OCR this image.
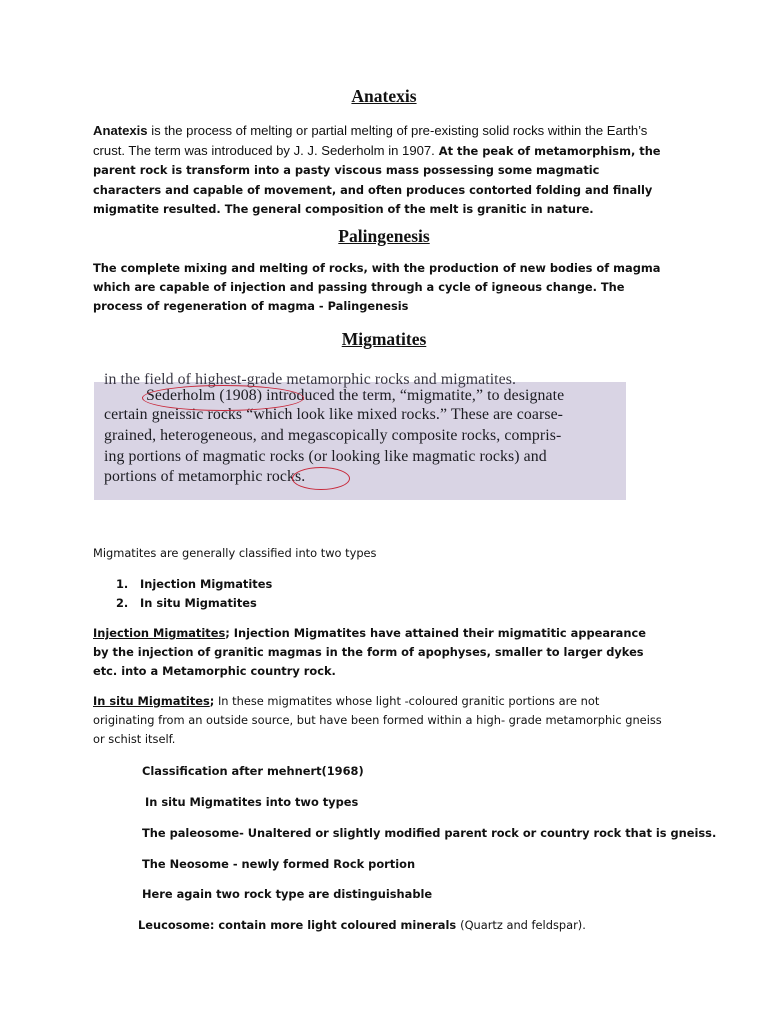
Anatexis

Anatexis is the process of melting or partial melting of pre-existing solid rocks within the Earth’s crust. The term was introduced by J. J. Sederholm in 1907. At the peak of metamorphism, the parent rock is transform into a pasty viscous mass possessing some magmatic characters and capable of movement, and often produces contorted folding and finally migmatite resulted. The general composition of the melt is granitic in nature.

Palingenesis

The complete mixing and melting of rocks, with the production of new bodies of magma which are capable of injection and passing through a cycle of igneous change. The process of regeneration of magma - Palingenesis

Migmatites

in the field of highest-grade metamorphic rocks and migmatites.

Sederholm (1908) introduced the term, “migmatite,” to designate

certain gneissic rocks “which look like mixed rocks.” These are coarse-

grained, heterogeneous, and megascopically composite rocks, compris-

ing portions of magmatic rocks (or looking like magmatic rocks) and

portions of metamorphic rocks.

Migmatites are generally classified into two types

1. Injection Migmatites

2. In situ Migmatites

Injection Migmatites; Injection Migmatites have attained their migmatitic appearance by the injection of granitic magmas in the form of apophyses, smaller to larger dykes etc. into a Metamorphic country rock.

In situ Migmatites; In these migmatites whose light -coloured granitic portions are not originating from an outside source, but have been formed within a high- grade metamorphic gneiss or schist itself.

Classification after mehnert(1968)

In situ Migmatites into two types

The paleosome- Unaltered or slightly modified parent rock or country rock that is gneiss.

The Neosome - newly formed Rock portion

Here again two rock type are distinguishable

Leucosome: contain more light coloured minerals (Quartz and feldspar).
